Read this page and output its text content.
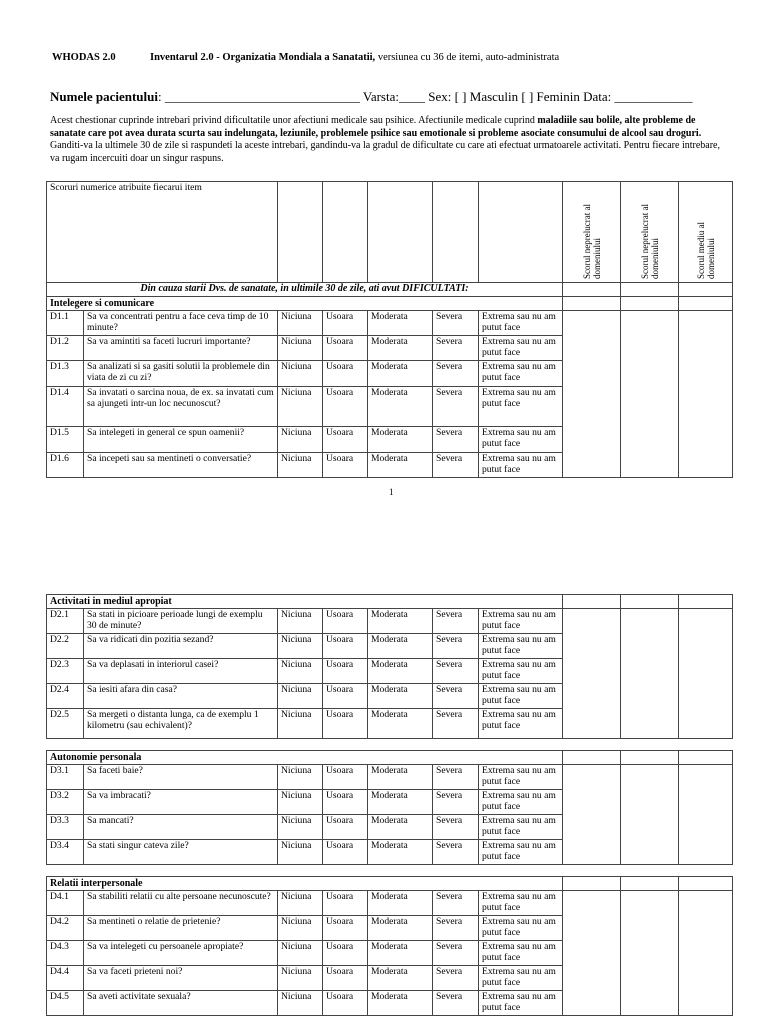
WHODAS 2.0	Inventarul 2.0 - Organizatia Mondiala a Sanatatii, versiunea cu 36 de itemi, auto-administrata
Numele pacientului: ______________________________ Varsta:____ Sex: [ ] Masculin [ ] Feminin Data: ____________
Acest chestionar cuprinde intrebari privind dificultatile unor afectiuni medicale sau psihice. Afectiunile medicale cuprind maladiile sau bolile, alte probleme de sanatate care pot avea durata scurta sau indelungata, leziunile, problemele psihice sau emotionale si probleme asociate consumului de alcool sau droguri. Ganditi-va la ultimele 30 de zile si raspundeti la aceste intrebari, gandindu-va la gradul de dificultate cu care ati efectuat urmatoarele activitati. Pentru fiecare intrebare, va rugam incercuiti doar un singur raspuns.
Scoruri numerice atribuite fiecarui item							Scorul neprelucrat al domeniului	Scorul neprelucrat al domeniului	Scorul mediu al domeniului

Din cauza starii Dvs. de sanatate, in ultimile 30 de zile, ati avut DIFICULTATI:									
Intelegere si comunicare									
D1.1	Sa va concentrati pentru a face ceva timp de 10 minute?	Niciuna	Usoara	Moderata	Severa	Extrema sau nu am putut face			
D1.2	Sa va amintiti sa faceti lucruri importante?	Niciuna	Usoara	Moderata	Severa	Extrema sau nu am putut face			
D1.3	Sa analizati si sa gasiti solutii la problemele din viata de zi cu zi?	Niciuna	Usoara	Moderata	Severa	Extrema sau nu am putut face			
D1.4	Sa invatati o sarcina noua, de ex. sa invatati cum sa ajungeti intr-un loc necunoscut?	Niciuna	Usoara	Moderata	Severa	Extrema sau nu am putut face			
D1.5	Sa intelegeti in general ce spun oamenii?	Niciuna	Usoara	Moderata	Severa	Extrema sau nu am putut face			
D1.6	Sa incepeti sau sa mentineti o conversatie?	Niciuna	Usoara	Moderata	Severa	Extrema sau nu am putut face			
1
Activitati in mediul apropiat									
D2.1	Sa stati in picioare perioade lungi de exemplu 30 de minute?	Niciuna	Usoara	Moderata	Severa	Extrema sau nu am putut face			
D2.2	Sa va ridicati din pozitia sezand?	Niciuna	Usoara	Moderata	Severa	Extrema sau nu am putut face			
D2.3	Sa va deplasati in interiorul casei?	Niciuna	Usoara	Moderata	Severa	Extrema sau nu am putut face			
D2.4	Sa iesiti afara din casa?	Niciuna	Usoara	Moderata	Severa	Extrema sau nu am putut face			
D2.5	Sa mergeti o distanta lunga, ca de exemplu 1 kilometru (sau echivalent)?	Niciuna	Usoara	Moderata	Severa	Extrema sau nu am putut face			
Autonomie personala									
D3.1	Sa faceti baie?	Niciuna	Usoara	Moderata	Severa	Extrema sau nu am putut face			
D3.2	Sa va imbracati?	Niciuna	Usoara	Moderata	Severa	Extrema sau nu am putut face			
D3.3	Sa mancati?	Niciuna	Usoara	Moderata	Severa	Extrema sau nu am putut face			
D3.4	Sa stati singur cateva zile?	Niciuna	Usoara	Moderata	Severa	Extrema sau nu am putut face			
Relatii interpersonale									
D4.1	Sa stabiliti relatii cu alte persoane necunoscute?	Niciuna	Usoara	Moderata	Severa	Extrema sau nu am putut face			
D4.2	Sa mentineti o relatie de prietenie?	Niciuna	Usoara	Moderata	Severa	Extrema sau nu am putut face			
D4.3	Sa va intelegeti cu persoanele apropiate?	Niciuna	Usoara	Moderata	Severa	Extrema sau nu am putut face			
D4.4	Sa va faceti prieteni noi?	Niciuna	Usoara	Moderata	Severa	Extrema sau nu am putut face			
D4.5	Sa aveti activitate sexuala?	Niciuna	Usoara	Moderata	Severa	Extrema sau nu am putut face			
